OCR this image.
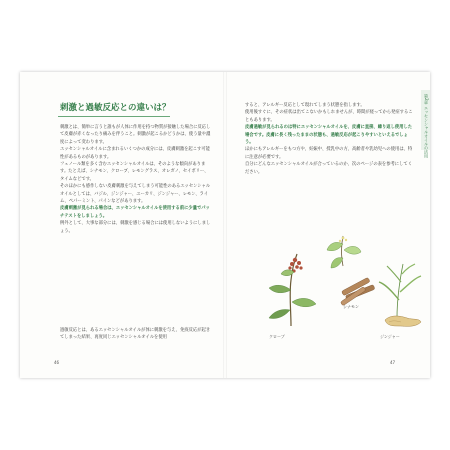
刺激と過敏反応との違いは？

刺激とは、簡単に言うと誰もが人体に作用を持つ物質が接触した場合に反応して皮膚が赤くなったり痛みを伴うこと。刺激が起こるかどうかは、使う量や濃度によって変わります。

エッセンシャルオイルに含まれるいくつかの成分には、皮膚刺激を起こす可能性があるものがあります。

フェノール類を多く含むエッセンシャルオイルは、そのような傾向があります。たとえば、シナモン、クローブ、レモングラス、オレガノ、セイボリー、タイムなどです。

そのほかにも感作しない皮膚刺激を与えてしまう可能性のあるエッセンシャルオイルとしては、バジル、ジンジャー、ユーカリ、ジンジャー、レモン、ライム、ペパーミント、パインなどがあります。

皮膚刺激が見られる場合は、エッセンシャルオイルを使用する前に少量でパッチテストをしましょう。

例外として、大事な部分には、刺激を感じる場合には使用しないようにしましょう。

過敏反応とは、あるエッセンシャルオイルが体に刺激を与え、免疫反応が起きてしまった結果、再度同じエッセンシャルオイルを使用

46
第2章 エッセンシャルオイルの活用

すると、アレルギー反応として現れてしまう状態を指します。

使用後すぐに、その症状は出てこないかもしれませんが、時間が経ってから発症することもあります。

皮膚過敏が見られるのは特にエッセンシャルオイルを、皮膚に直接、繰り返し使用した場合です。皮膚に長く残ったままの状態も、過敏反応が起こりやすいといえるでしょう。

ほかにもアレルギーをもつ方や、妊娠中、授乳中の方、高齢者や乳幼児への使用は、特に注意が必要です。

自分にどんなエッセンシャルオイルが合っているのか、次のページの表を参考にしてください。

クローブ
シナモン
ジンジャー
47
